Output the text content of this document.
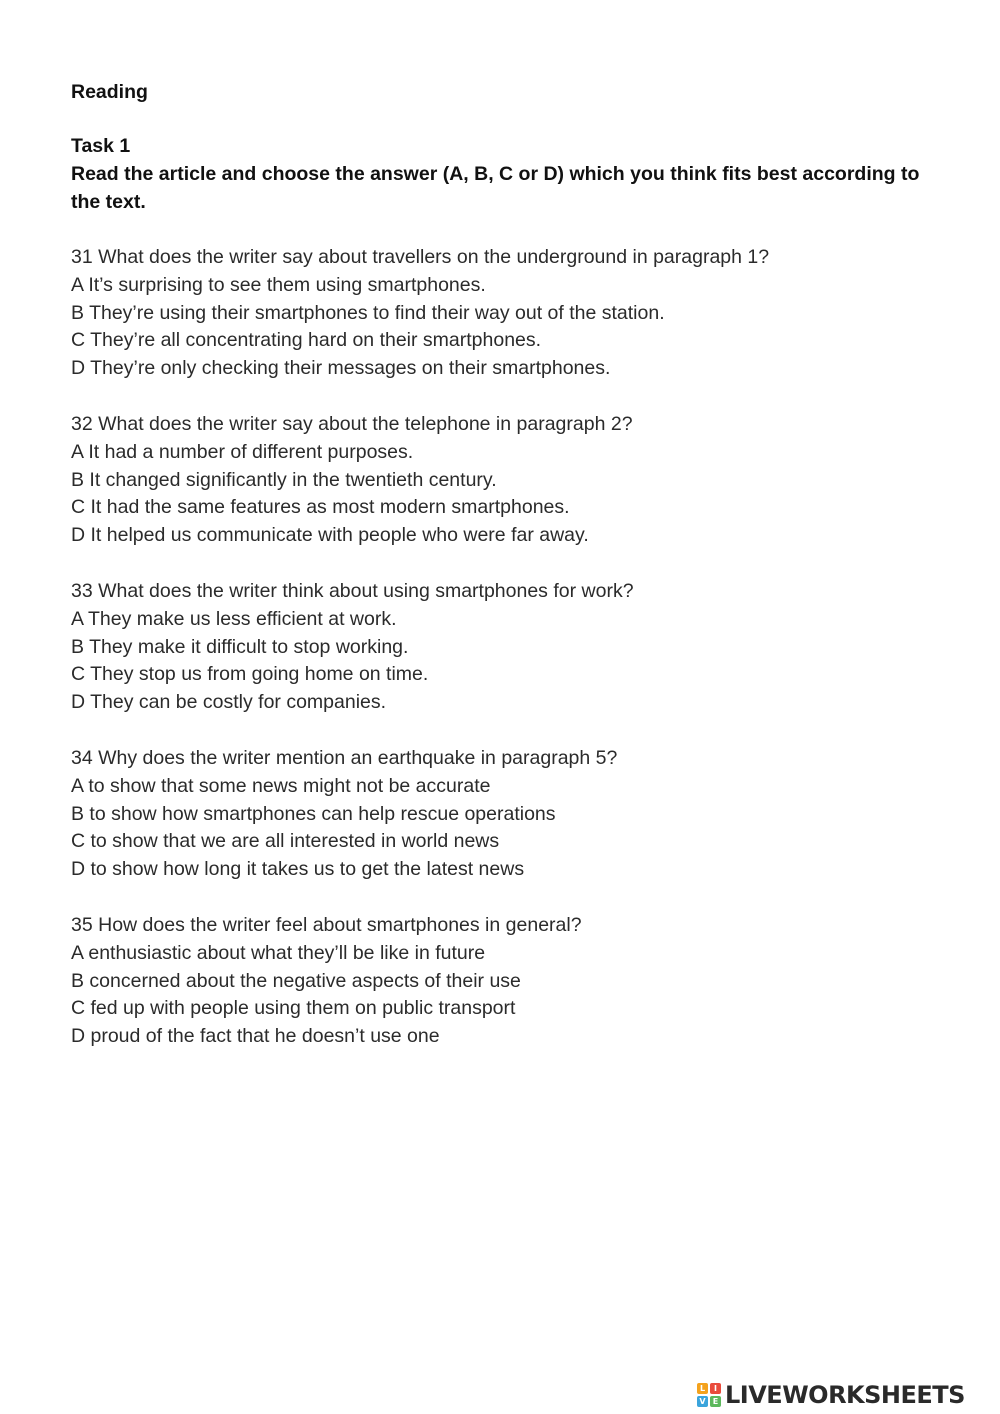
Reading

Task 1

Read the article and choose the answer (A, B, C or D) which you think fits best according to
the text.

31 What does the writer say about travellers on the underground in paragraph 1?
A It’s surprising to see them using smartphones.
B They’re using their smartphones to find their way out of the station.
C They’re all concentrating hard on their smartphones.
D They’re only checking their messages on their smartphones.
32 What does the writer say about the telephone in paragraph 2?
A It had a number of different purposes.
B It changed significantly in the twentieth century.
C It had the same features as most modern smartphones.
D It helped us communicate with people who were far away.
33 What does the writer think about using smartphones for work?
A They make us less efficient at work.
B They make it difficult to stop working.
C They stop us from going home on time.
D They can be costly for companies.
34 Why does the writer mention an earthquake in paragraph 5?
A to show that some news might not be accurate
B to show how smartphones can help rescue operations
C to show that we are all interested in world news
D to show how long it takes us to get the latest news
35 How does the writer feel about smartphones in general?
A enthusiastic about what they’ll be like in future
B concerned about the negative aspects of their use
C fed up with people using them on public transport
D proud of the fact that he doesn’t use one
L	I
V E LIVEWORKSHEETS
